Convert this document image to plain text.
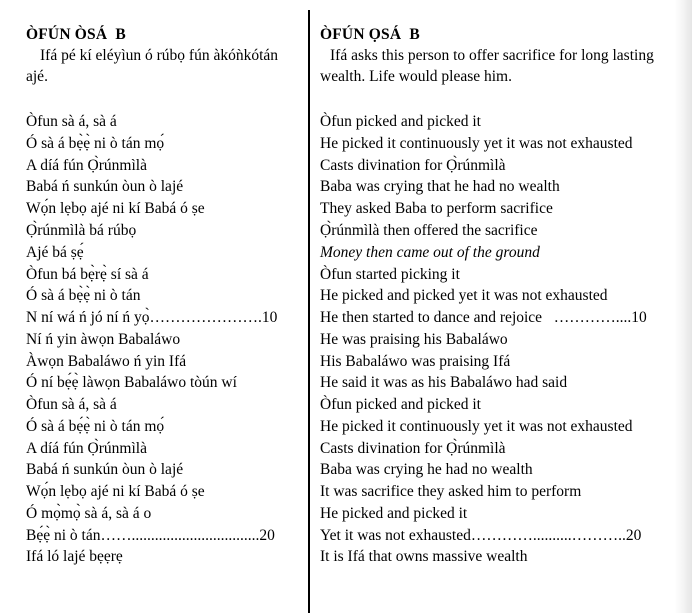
ÒFÚN ÒSÁ  B
Ifá pé kí eléyìun ó rúbọ fún àkóǹkótán ajé.
Òfun sà á, sà á
Ó sà á bẹ̀ẹ̀ ni ò tán mọ́
A díá fún Ọ̀rúnmìlà
Babá ń sunkún òun ò lajé
Wọ́n lẹbọ ajé ni kí Babá ó ṣe
Ọ̀rúnmìlà bá rúbọ
Ajé bá ṣẹ́
Òfun bá bẹ̀rẹ̀ sí sà á
Ó sà á bẹ̀ẹ̀ ni ò tán
N ní wá ń jó ní ń yọ̀………………….10
Ní ń yin àwọn Babaláwo
Àwọn Babaláwo ń yin Ifá
Ó ní bẹ́ẹ̀ làwọn Babaláwo tòún wí
Òfun sà á, sà á
Ó sà á bẹ́ẹ̀ ni ò tán mọ́
A díá fún Ọ̀rúnmìlà
Babá ń sunkún òun ò lajé
Wọ́n lẹbọ ajé ni kí Babá ó ṣe
Ó mọ̀mọ̀ sà á, sà á o
Bẹ́ẹ̀ ni ò tán…….................................20
Ifá ló lajé bẹẹrẹ
ÒFÚN ỌSÁ  B
Ifá asks this person to offer sacrifice for long lasting wealth. Life would please him.
Òfun picked and picked it
He picked it continuously yet it was not exhausted
Casts divination for Ọ̀rúnmìlà
Baba was crying that he had no wealth
They asked Baba to perform sacrifice
Ọ̀rúnmìlà then offered the sacrifice
Money then came out of the ground
Òfun started picking it
He picked and picked yet it was not exhausted
He then started to dance and rejoice   …………....10
He was praising his Babaláwo
His Babaláwo was praising Ifá
He said it was as his Babaláwo had said
Òfun picked and picked it
He picked it continuously yet it was not exhausted
Casts divination for Ọ̀rúnmìlà
Baba was crying he had no wealth
It was sacrifice they asked him to perform
He picked and picked it
Yet it was not exhausted…………..........………..20
It is Ifá that owns massive wealth
